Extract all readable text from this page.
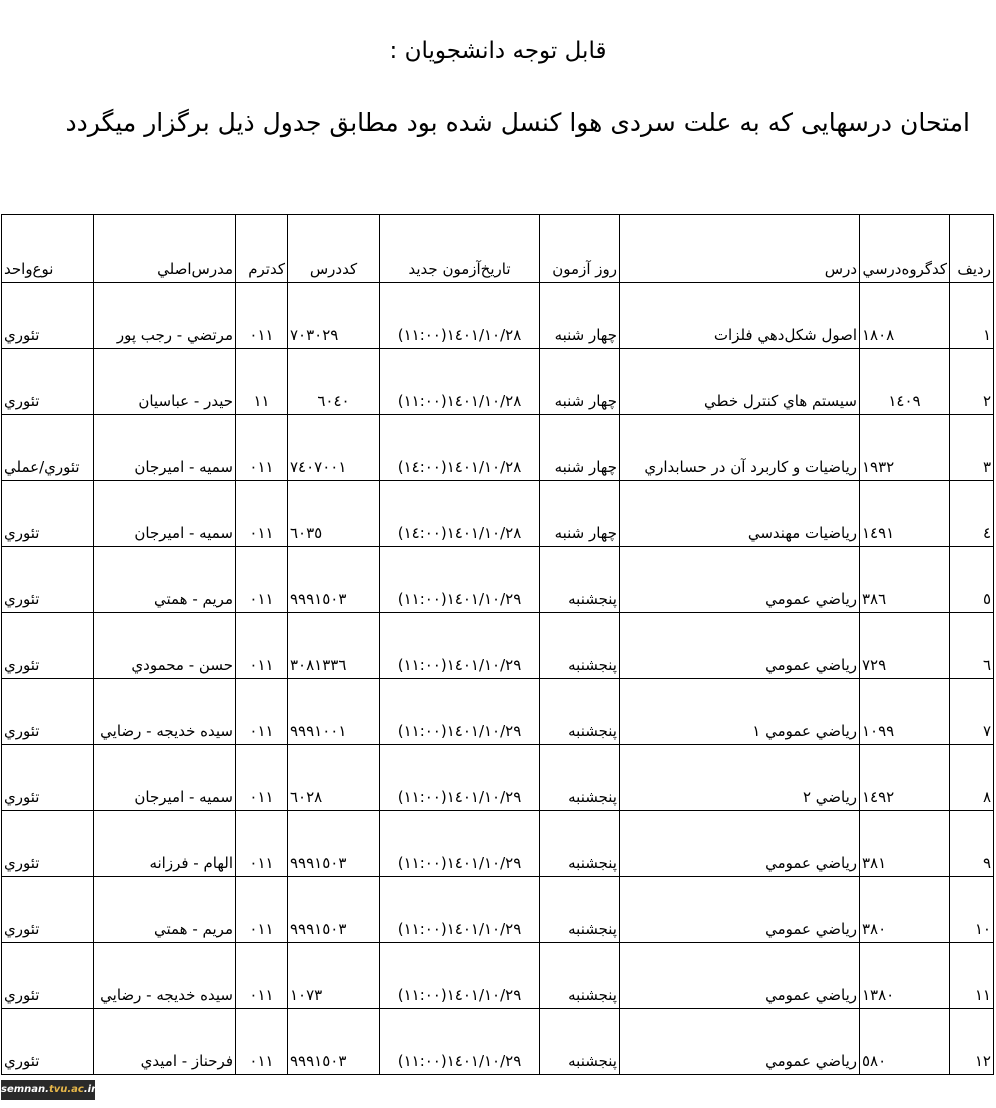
قابل توجه دانشجویان :
امتحان درسهایی که به علت سردی هوا کنسل شده بود مطابق جدول ذیل برگزار میگردد
نوع‌واحد	مدرس‌اصلي	كدترم	كددرس	تاريخ‌آزمون جديد	روز آزمون	درس	كدگروه‌درسي	رديف
تئوري	مرتضي - رجب پور	٠١١	٧٠٣٠٢٩	١٤٠١/١٠/٢٨(١١:٠٠)	چهار شنبه	اصول شكل‌دهي فلزات	١٨٠٨	١
تئوري	حيدر - عباسيان	١١	٦٠٤٠	١٤٠١/١٠/٢٨(١١:٠٠)	چهار شنبه	سيستم هاي كنترل خطي	١٤٠٩	٢
تئوري/عملي	سميه - اميرجان	٠١١	٧٤٠٧٠٠١	١٤٠١/١٠/٢٨(١٤:٠٠)	چهار شنبه	رياضيات و كاربرد آن در حسابداري	١٩٣٢	٣
تئوري	سميه - اميرجان	٠١١	٦٠٣٥	١٤٠١/١٠/٢٨(١٤:٠٠)	چهار شنبه	رياضيات مهندسي	١٤٩١	٤
تئوري	مريم - همتي	٠١١	٩٩٩١٥٠٣	١٤٠١/١٠/٢٩(١١:٠٠)	پنجشنبه	رياضي عمومي	٣٨٦	٥
تئوري	حسن - محمودي	٠١١	٣٠٨١٣٣٦	١٤٠١/١٠/٢٩(١١:٠٠)	پنجشنبه	رياضي عمومي	٧٢٩	٦
تئوري	سيده خديجه - رضايي	٠١١	٩٩٩١٠٠١	١٤٠١/١٠/٢٩(١١:٠٠)	پنجشنبه	رياضي عمومي ١	١٠٩٩	٧
تئوري	سميه - اميرجان	٠١١	٦٠٢٨	١٤٠١/١٠/٢٩(١١:٠٠)	پنجشنبه	رياضي ٢	١٤٩٢	٨
تئوري	الهام - فرزانه	٠١١	٩٩٩١٥٠٣	١٤٠١/١٠/٢٩(١١:٠٠)	پنجشنبه	رياضي عمومي	٣٨١	٩
تئوري	مريم - همتي	٠١١	٩٩٩١٥٠٣	١٤٠١/١٠/٢٩(١١:٠٠)	پنجشنبه	رياضي عمومي	٣٨٠	١٠
تئوري	سيده خديجه - رضايي	٠١١	١٠٧٣	١٤٠١/١٠/٢٩(١١:٠٠)	پنجشنبه	رياضي عمومي	١٣٨٠	١١
تئوري	فرحناز - اميدي	٠١١	٩٩٩١٥٠٣	١٤٠١/١٠/٢٩(١١:٠٠)	پنجشنبه	رياضي عمومي	٥٨٠	١٢
semnan.tvu.ac.ir
